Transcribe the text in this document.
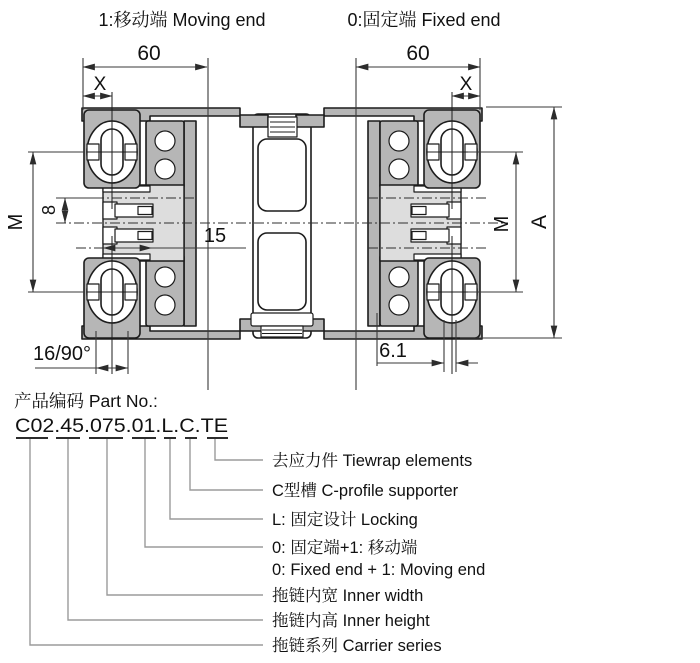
1:移动端 Moving end	0:固定端 Fixed end
60	60
X	X
M	M A
8
15
16/90°	6.1
产品编码 Part No.:
C02.45.075.01.L.C.TE
去应力件 Tiewrap elements
C型槽 C-profile supporter
L: 固定设计 Locking
0: 固定端+1: 移动端
0: Fixed end + 1: Moving end
拖链内宽 Inner width
拖链内高 Inner height
拖链系列 Carrier series
